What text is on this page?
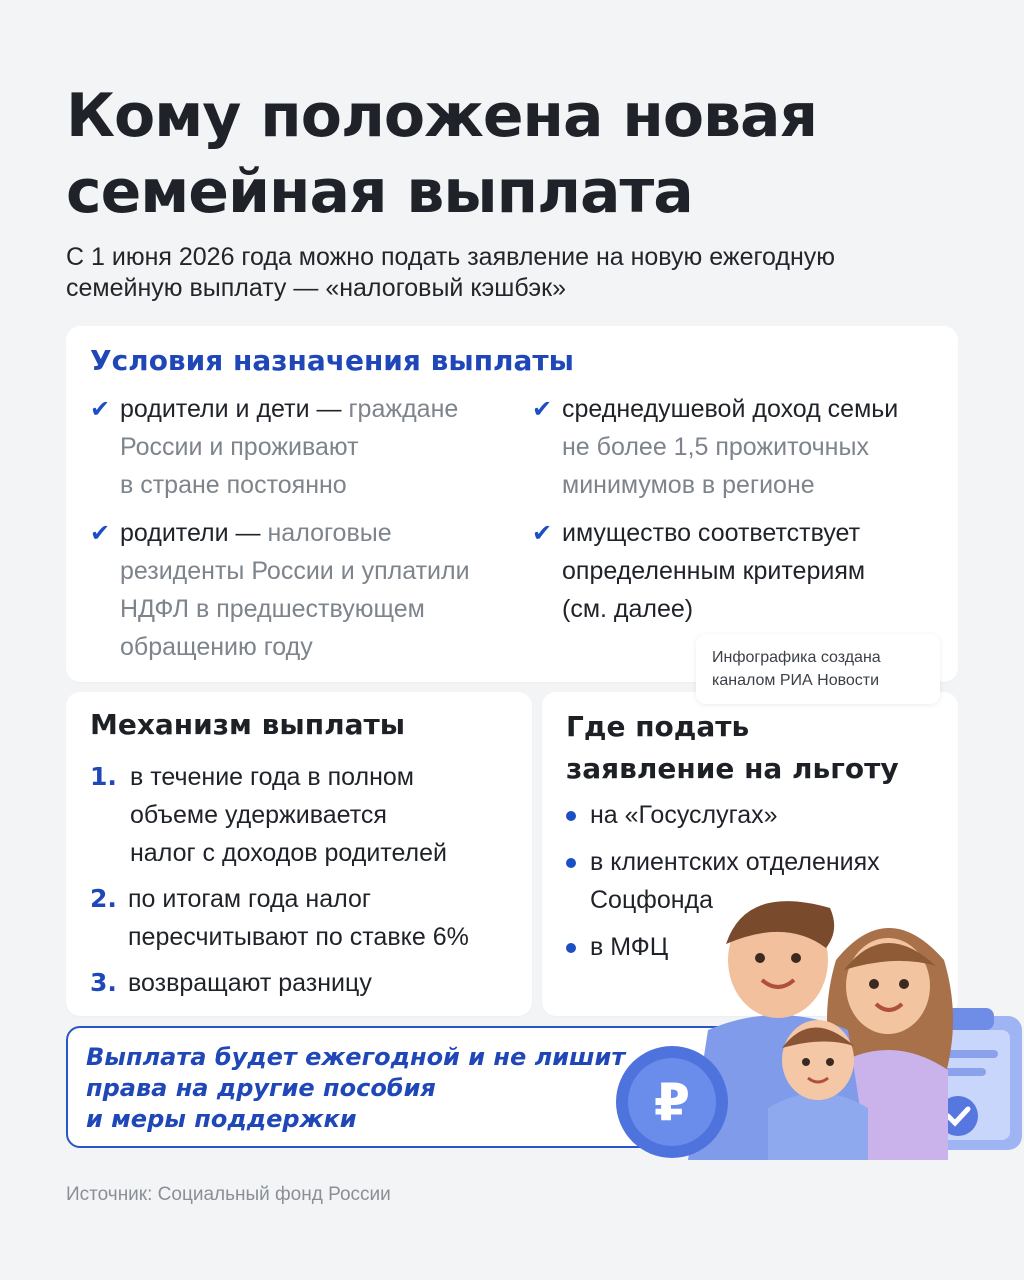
Кому положена новая
семейная выплата
С 1 июня 2026 года можно подать заявление на новую ежегодную
семейную выплату — «налоговый кэшбэк»
Условия назначения выплаты
✔ родители и дети — граждане
России и проживают
в стране постоянно
✔ родители — налоговые
резиденты России и уплатили
НДФЛ в предшествующем
обращению году
✔ среднедушевой доход семьи
не более 1,5 прожиточных
минимумов в регионе
✔ имущество соответствует
определенным критериям
(см. далее)
Механизм выплаты
1. в течение года в полном
объеме удерживается
налог с доходов родителей
2. по итогам года налог
пересчитывают по ставке 6%
3. возвращают разницу
Где подать
заявление на льготу
на «Госуслугах»
в клиентских отделениях
Соцфонда
в МФЦ
Инфографика создана
каналом РИА Новости
Выплата будет ежегодной и не лишит
права на другие пособия
и меры поддержки	₽
Источник: Социальный фонд России
